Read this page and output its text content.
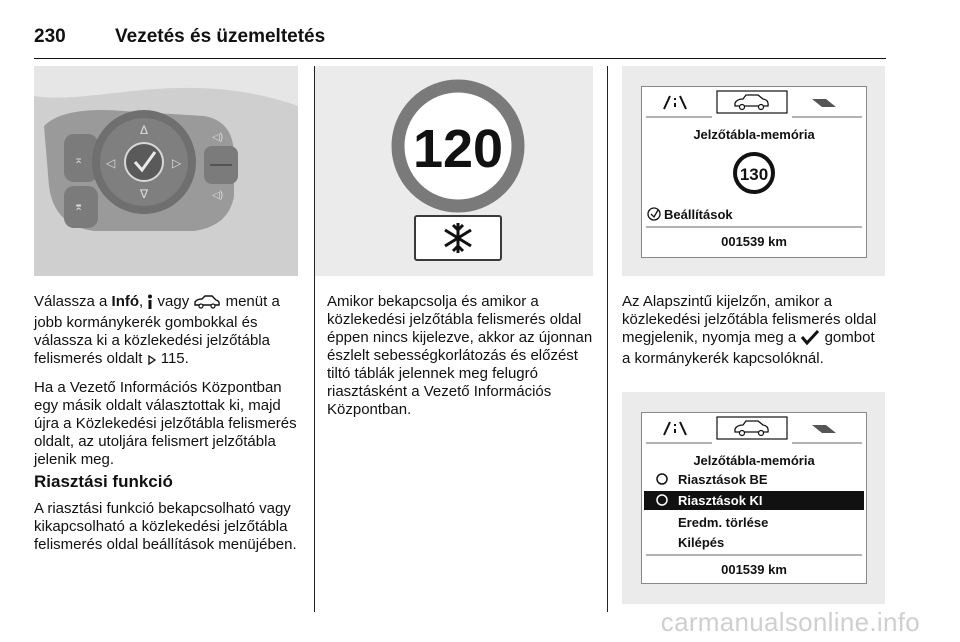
230	Vezetés és üzemeltetés
Δ
∇
◁	▷
⌅
⌆
◁)
◁)

Válassza a Infó,  vagy  menüt a jobb kormánykerék gombokkal és válassza ki a közlekedési jelzőtábla felismerés oldalt  115.

Ha a Vezető Információs Központban egy másik oldalt választottak ki, majd újra a Közlekedési jelzőtábla felismerés oldalt, az utoljára felismert jelzőtábla jelenik meg.

Riasztási funkció
A riasztási funkció bekapcsolható vagy kikapcsolható a közlekedési jelzőtábla felismerés oldal beállítások menüjében.
120
Amikor bekapcsolja és amikor a közlekedési jelzőtábla felismerés oldal éppen nincs kijelezve, akkor az újonnan észlelt sebességkorlátozás és előzést tiltó táblák jelennek meg felugró riasztásként a Vezető Információs Központban.
Jelzőtábla-memória
130
Beállítások
001539 km
Az Alapszintű kijelzőn, amikor a közlekedési jelzőtábla felismerés oldal megjelenik, nyomja meg a  gombot a kormánykerék kapcsolóknál.
Jelzőtábla-memória
Riasztások BE
Riasztások KI
Eredm. törlése
Kilépés
001539 km
carmanualsonline.info
